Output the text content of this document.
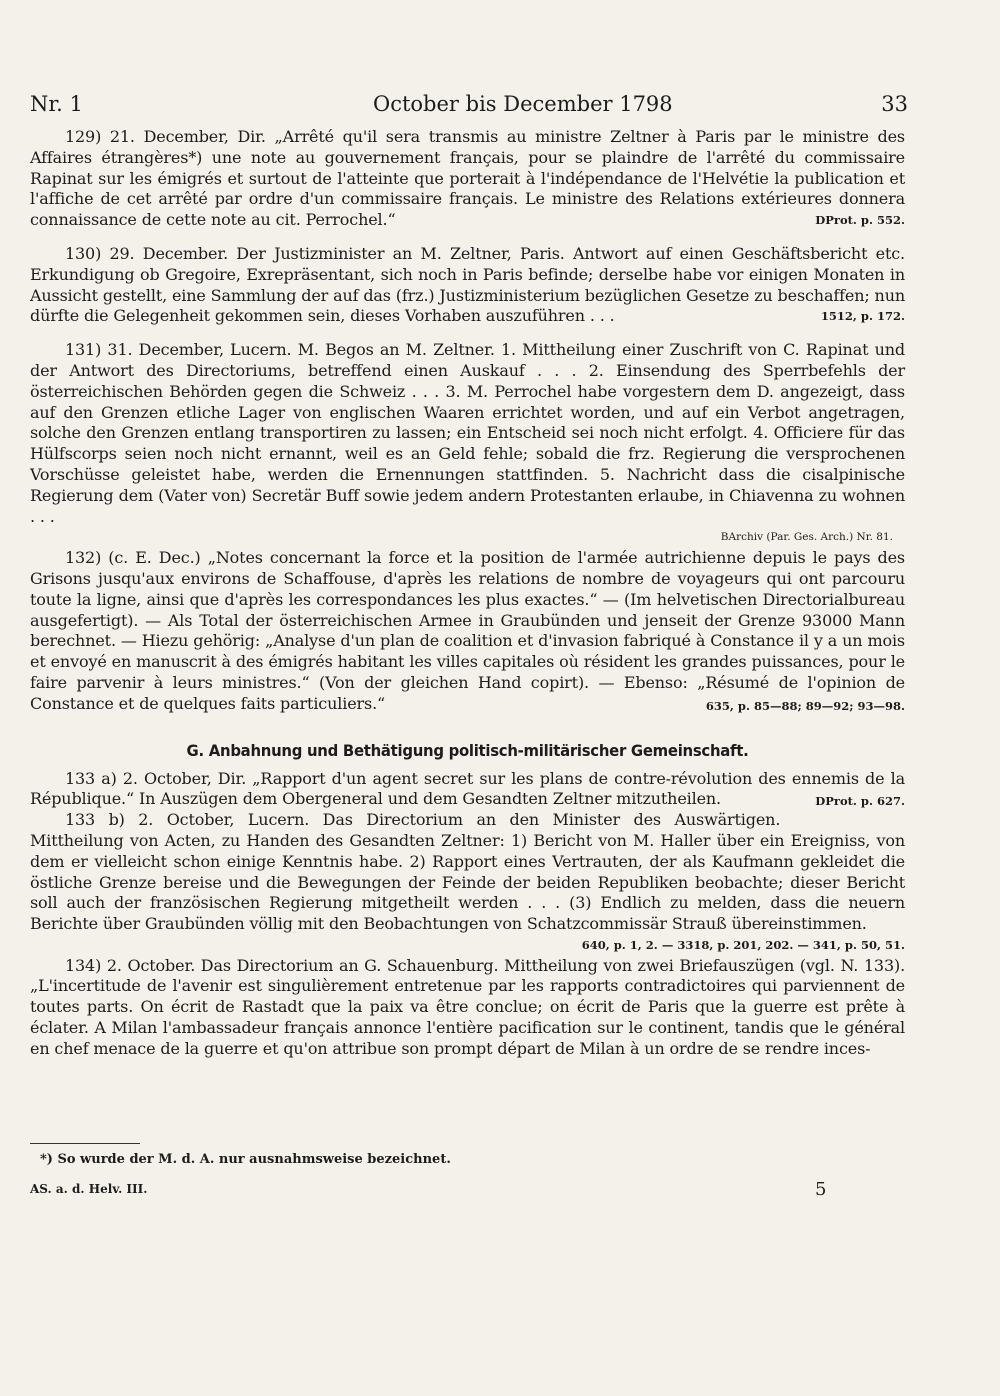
Nr. 1	October bis December 1798	33

129) 21. December, Dir. „Arrêté qu'il sera transmis au ministre Zeltner à Paris par le ministre des Affaires étrangères*) une note au gouvernement français, pour se plaindre de l'arrêté du commissaire Rapinat sur les émigrés et surtout de l'atteinte que porterait à l'indépendance de l'Helvétie la publication et l'affiche de cet arrêté par ordre d'un commissaire français. Le ministre des Relations extérieures donnera connaissance de cette note au cit. Perrochel.“	DProt. p. 552.

130) 29. December. Der Justizminister an M. Zeltner, Paris. Antwort auf einen Geschäftsbericht etc. Erkundigung ob Gregoire, Exrepräsentant, sich noch in Paris befinde; derselbe habe vor einigen Monaten in Aussicht gestellt, eine Sammlung der auf das (frz.) Justizministerium bezüglichen Gesetze zu beschaffen; nun dürfte die Gelegenheit gekommen sein, dieses Vorhaben auszuführen . . .	1512, p. 172.

131) 31. December, Lucern. M. Begos an M. Zeltner. 1. Mittheilung einer Zuschrift von C. Rapinat und der Antwort des Directoriums, betreffend einen Auskauf . . . 2. Einsendung des Sperrbefehls der österreichischen Behörden gegen die Schweiz . . . 3. M. Perrochel habe vorgestern dem D. angezeigt, dass auf den Grenzen etliche Lager von englischen Waaren errichtet worden, und auf ein Verbot angetragen, solche den Grenzen entlang transportiren zu lassen; ein Entscheid sei noch nicht erfolgt. 4. Officiere für das Hülfscorps seien noch nicht ernannt, weil es an Geld fehle; sobald die frz. Regierung die versprochenen Vorschüsse geleistet habe, werden die Ernennungen stattfinden. 5. Nachricht dass die cisalpinische Regierung dem (Vater von) Secretär Buff sowie jedem andern Protestanten erlaube, in Chiavenna zu wohnen . . .
BArchiv (Par. Ges. Arch.) Nr. 81.

132) (c. E. Dec.) „Notes concernant la force et la position de l'armée autrichienne depuis le pays des Grisons jusqu'aux environs de Schaffouse, d'après les relations de nombre de voyageurs qui ont parcouru toute la ligne, ainsi que d'après les correspondances les plus exactes.“ — (Im helvetischen Directorialbureau ausgefertigt). — Als Total der österreichischen Armee in Graubünden und jenseit der Grenze 93000 Mann berechnet. — Hiezu gehörig: „Analyse d'un plan de coalition et d'invasion fabriqué à Constance il y a un mois et envoyé en manuscrit à des émigrés habitant les villes capitales où résident les grandes puissances, pour le faire parvenir à leurs ministres.“ (Von der gleichen Hand copirt). — Ebenso: „Résumé de l'opinion de Constance et de quelques faits particuliers.“	635, p. 85—88; 89—92; 93—98.

G. Anbahnung und Bethätigung politisch-militärischer Gemeinschaft.

133 a) 2. October, Dir. „Rapport d'un agent secret sur les plans de contre-révolution des ennemis de la République.“ In Auszügen dem Obergeneral und dem Gesandten Zeltner mitzutheilen.	DProt. p. 627.

133 b) 2. October, Lucern. Das Directorium an den Minister des Auswärtigen. Mittheilung von Acten, zu Handen des Gesandten Zeltner: 1) Bericht von M. Haller über ein Ereigniss, von dem er vielleicht schon einige Kenntnis habe. 2) Rapport eines Vertrauten, der als Kaufmann gekleidet die östliche Grenze bereise und die Bewegungen der Feinde der beiden Republiken beobachte; dieser Bericht soll auch der französischen Regierung mitgetheilt werden . . . (3) Endlich zu melden, dass die neuern Berichte über Graubünden völlig mit den Beobachtungen von Schatzcommissär Strauß übereinstimmen.
640, p. 1, 2. — 3318, p. 201, 202. — 341, p. 50, 51.

134) 2. October. Das Directorium an G. Schauenburg. Mittheilung von zwei Briefauszügen (vgl. N. 133). „L'incertitude de l'avenir est singulièrement entretenue par les rapports contradictoires qui parviennent de toutes parts. On écrit de Rastadt que la paix va être conclue; on écrit de Paris que la guerre est prête à éclater. A Milan l'ambassadeur français annonce l'entière pacification sur le continent, tandis que le général en chef menace de la guerre et qu'on attribue son prompt départ de Milan à un ordre de se rendre inces-

*) So wurde der M. d. A. nur ausnahmsweise bezeichnet.
AS. a. d. Helv. III.	5
